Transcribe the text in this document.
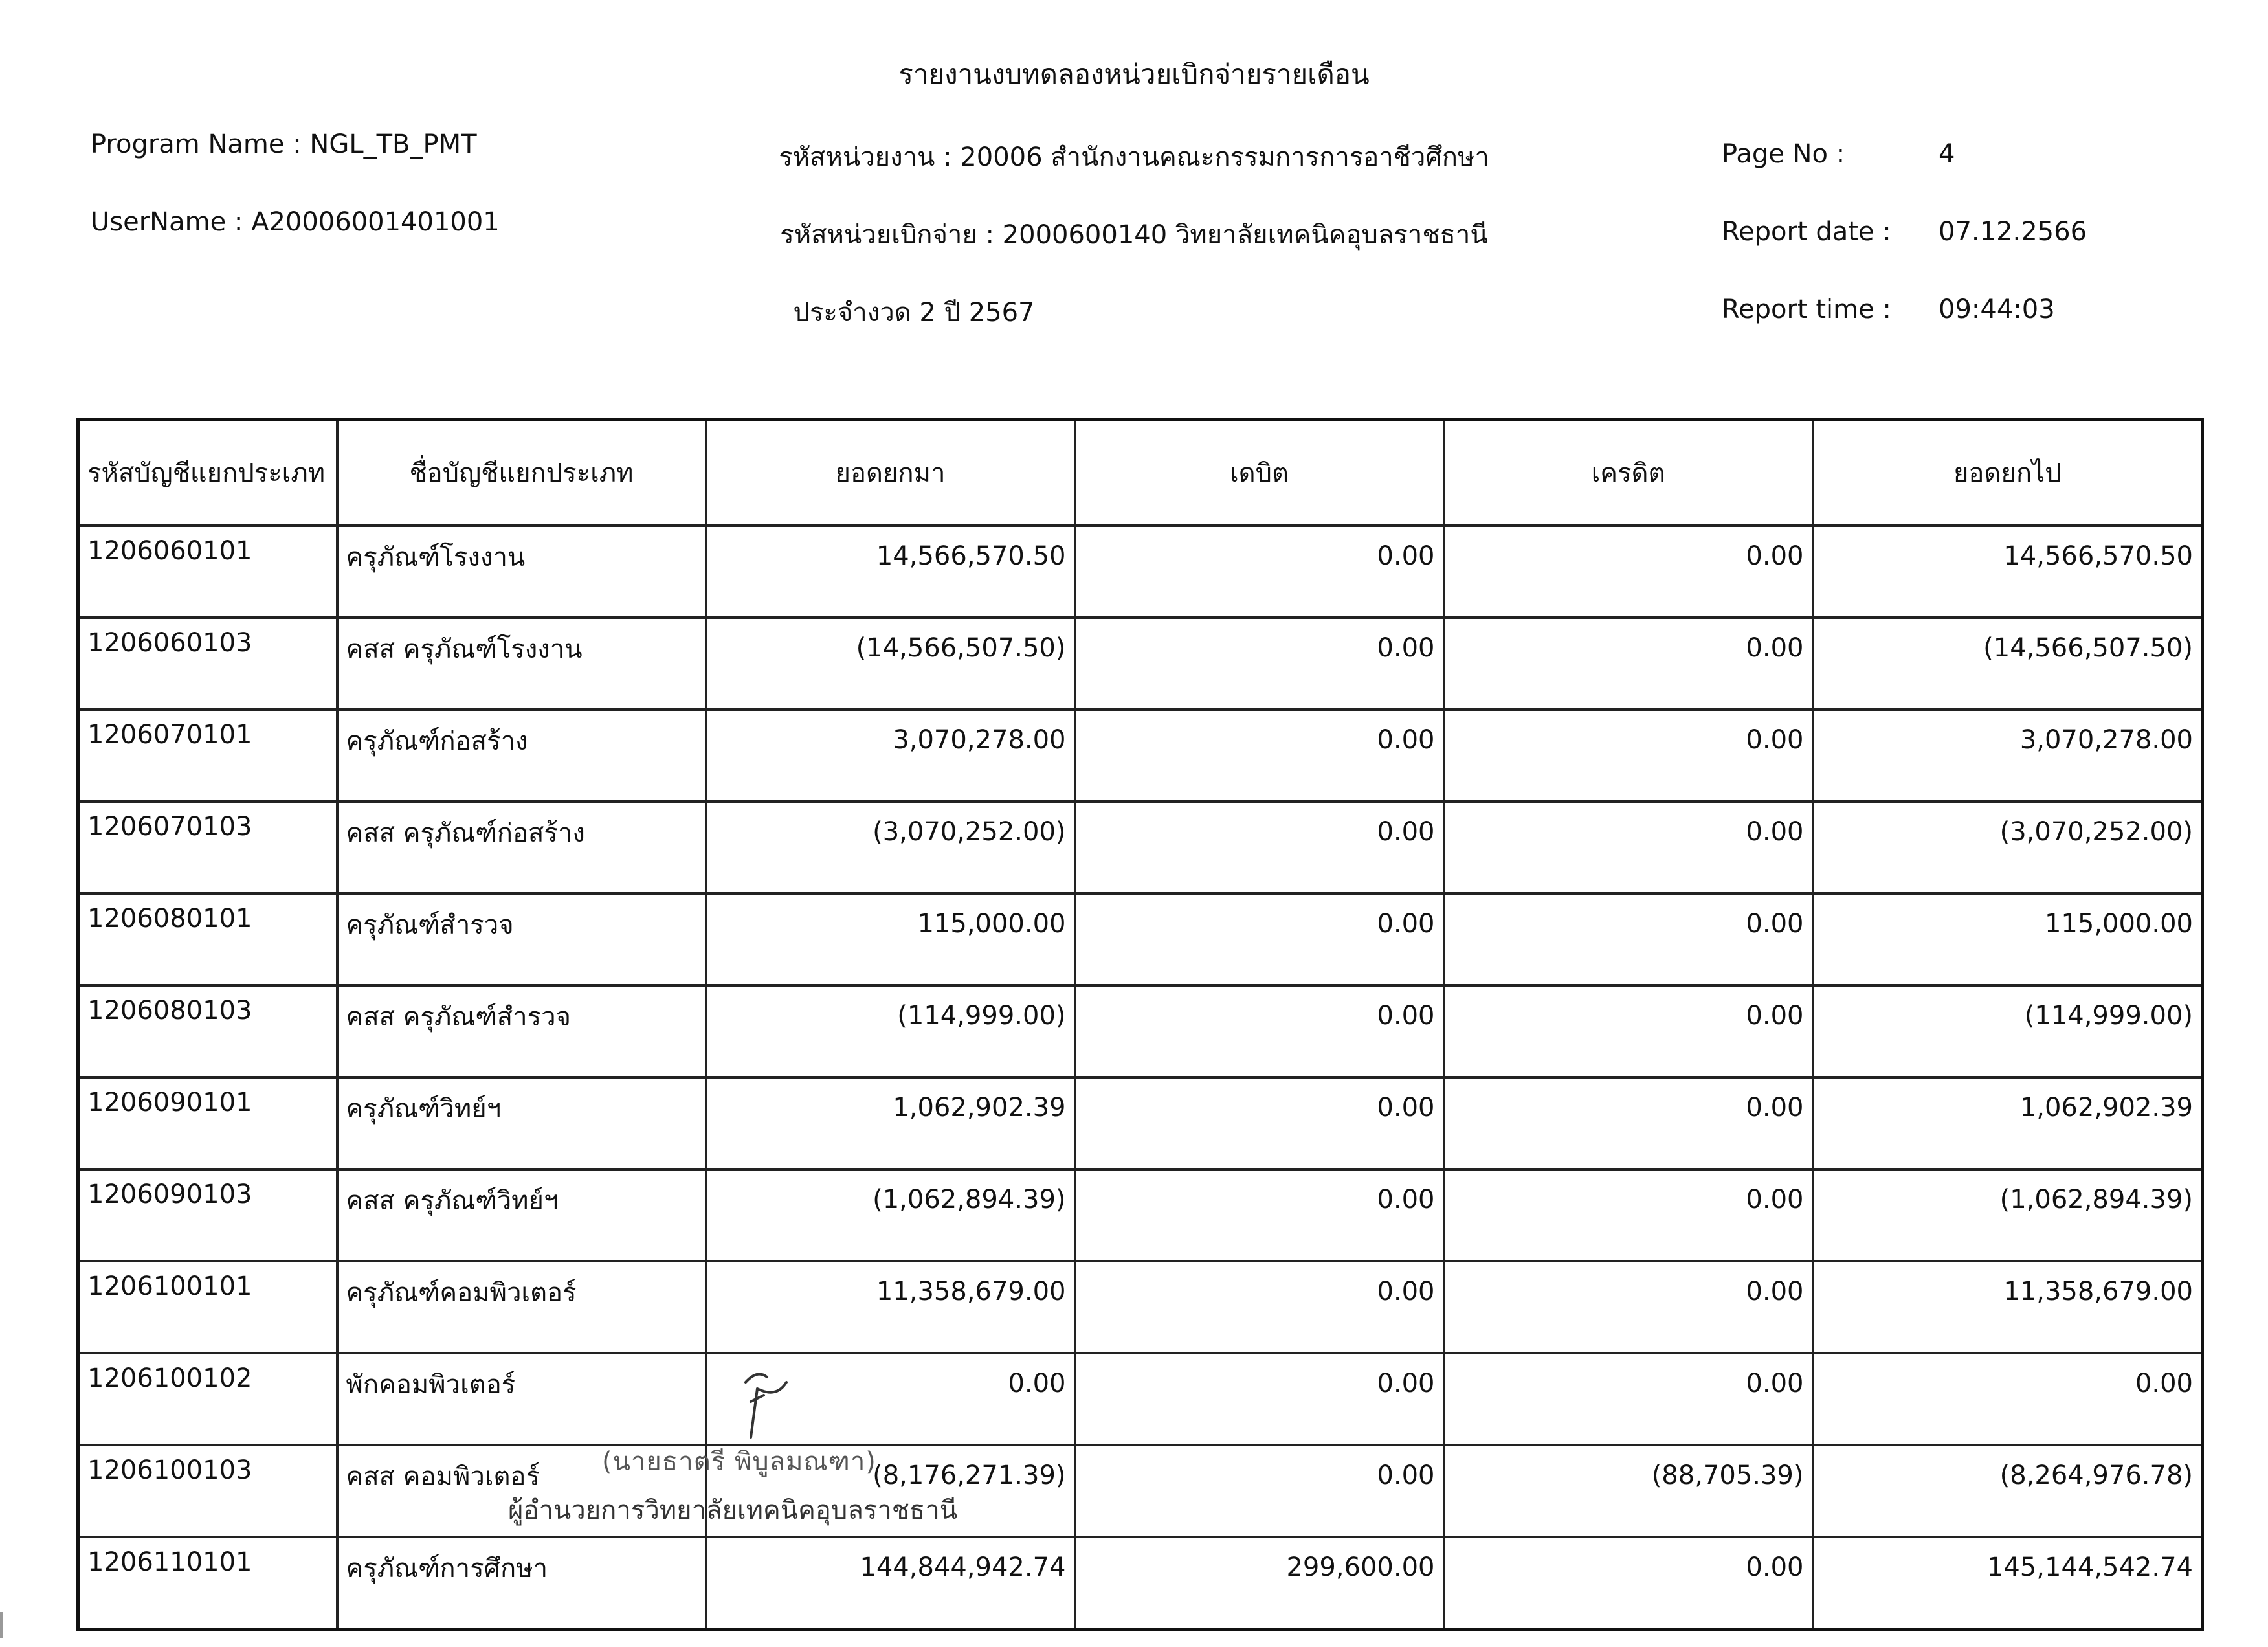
รายงานงบทดลองหน่วยเบิกจ่ายรายเดือน
Program Name : NGL_TB_PMT
UserName : A20006001401001
รหัสหน่วยงาน : 20006 สำนักงานคณะกรรมการการอาชีวศึกษา
รหัสหน่วยเบิกจ่าย : 2000600140 วิทยาลัยเทคนิคอุบลราชธานี
ประจำงวด 2 ปี 2567
Page No :	4
Report date : 07.12.2566
Report time : 09:44:03
รหัสบัญชีแยกประเภท	ชื่อบัญชีแยกประเภท	ยอดยกมา	เดบิต	เครดิต	ยอดยกไป
1206060101	ครุภัณฑ์โรงงาน	14,566,570.50	0.00	0.00	14,566,570.50
1206060103	คสส ครุภัณฑ์โรงงาน	(14,566,507.50)	0.00	0.00	(14,566,507.50)
1206070101	ครุภัณฑ์ก่อสร้าง	3,070,278.00	0.00	0.00	3,070,278.00
1206070103	คสส ครุภัณฑ์ก่อสร้าง	(3,070,252.00)	0.00	0.00	(3,070,252.00)
1206080101	ครุภัณฑ์สำรวจ	115,000.00	0.00	0.00	115,000.00
1206080103	คสส ครุภัณฑ์สำรวจ	(114,999.00)	0.00	0.00	(114,999.00)
1206090101	ครุภัณฑ์วิทย์ฯ	1,062,902.39	0.00	0.00	1,062,902.39
1206090103	คสส ครุภัณฑ์วิทย์ฯ	(1,062,894.39)	0.00	0.00	(1,062,894.39)
1206100101	ครุภัณฑ์คอมพิวเตอร์	11,358,679.00	0.00	0.00	11,358,679.00
1206100102	พักคอมพิวเตอร์	0.00	0.00	0.00	0.00
1206100103	คสส คอมพิวเตอร์	(8,176,271.39)	0.00	(88,705.39)	(8,264,976.78)
1206110101	ครุภัณฑ์การศึกษา	144,844,942.74	299,600.00	0.00	145,144,542.74
(นายธาตรี พิบูลมณฑา)
ผู้อำนวยการวิทยาลัยเทคนิคอุบลราชธานี
